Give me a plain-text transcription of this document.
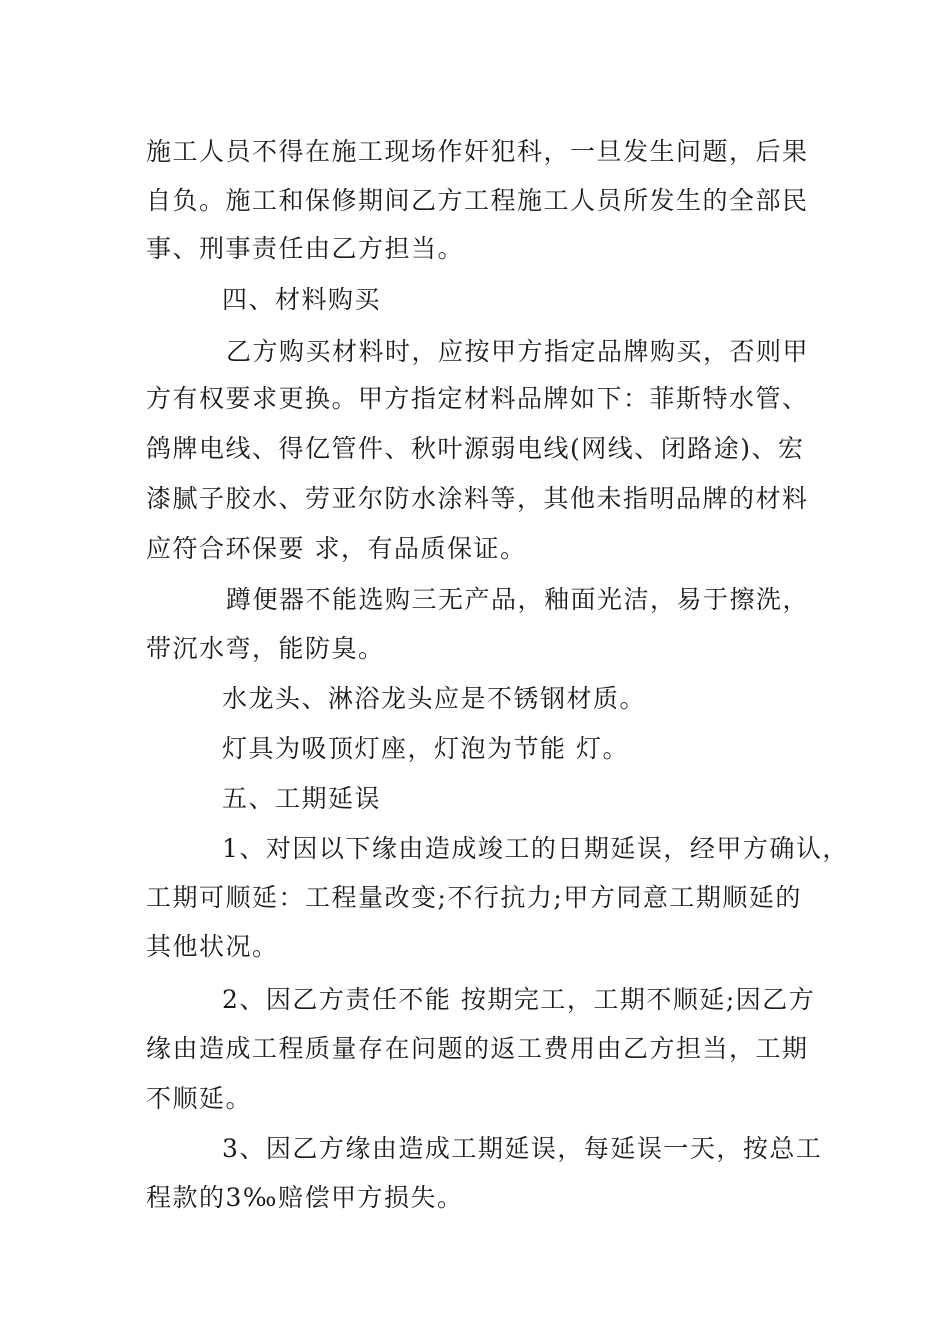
施工人员不得在施工现场作奸犯科，一旦发生问题，后果
自负。施工和保修期间乙方工程施工人员所发生的全部民
事、刑事责任由乙方担当。
四、材料购买
乙方购买材料时，应按甲方指定品牌购买，否则甲
方有权要求更换。甲方指定材料品牌如下：菲斯特水管、
鸽牌电线、得亿管件、秋叶源弱电线(网线、闭路途)、宏
漆腻子胶水、劳亚尔防水涂料等，其他未指明品牌的材料
应符合环保要 求，有品质保证。
蹲便器不能选购三无产品，釉面光洁，易于擦洗，
带沉水弯，能防臭。
水龙头、淋浴龙头应是不锈钢材质。
灯具为吸顶灯座，灯泡为节能 灯。
五、工期延误
1、对因以下缘由造成竣工的日期延误，经甲方确认，
工期可顺延：工程量改变;不行抗力;甲方同意工期顺延的
其他状况。
2、因乙方责任不能 按期完工，工期不顺延;因乙方
缘由造成工程质量存在问题的返工费用由乙方担当，工期
不顺延。
3、因乙方缘由造成工期延误，每延误一天，按总工
程款的3‰赔偿甲方损失。
